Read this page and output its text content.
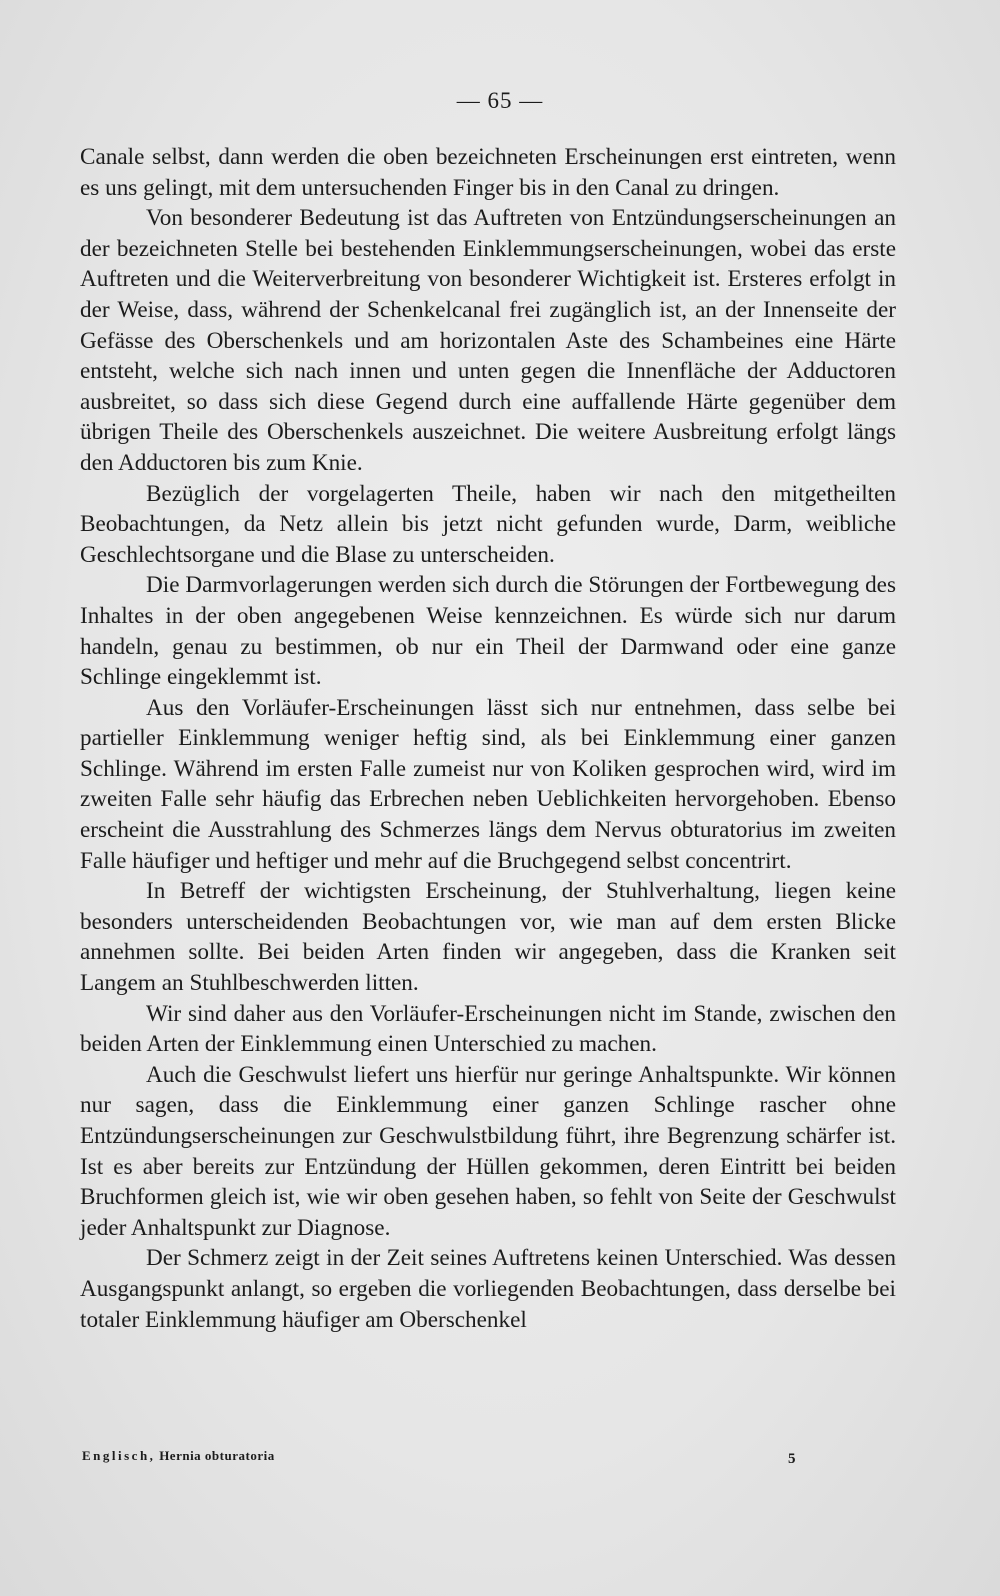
— 65 —

Canale selbst, dann werden die oben bezeichneten Erscheinungen erst eintreten, wenn es uns gelingt, mit dem untersuchenden Finger bis in den Canal zu dringen.

Von besonderer Bedeutung ist das Auftreten von Entzündungserscheinungen an der bezeichneten Stelle bei bestehenden Einklemmungserscheinungen, wobei das erste Auftreten und die Weiterverbreitung von besonderer Wichtigkeit ist. Ersteres erfolgt in der Weise, dass, während der Schenkelcanal frei zugänglich ist, an der Innenseite der Gefässe des Oberschenkels und am horizontalen Aste des Schambeines eine Härte entsteht, welche sich nach innen und unten gegen die Innenfläche der Adductoren ausbreitet, so dass sich diese Gegend durch eine auffallende Härte gegenüber dem übrigen Theile des Oberschenkels auszeichnet. Die weitere Ausbreitung erfolgt längs den Adductoren bis zum Knie.

Bezüglich der vorgelagerten Theile, haben wir nach den mitgetheilten Beobachtungen, da Netz allein bis jetzt nicht gefunden wurde, Darm, weibliche Geschlechtsorgane und die Blase zu unterscheiden.

Die Darmvorlagerungen werden sich durch die Störungen der Fortbewegung des Inhaltes in der oben angegebenen Weise kennzeichnen. Es würde sich nur darum handeln, genau zu bestimmen, ob nur ein Theil der Darmwand oder eine ganze Schlinge eingeklemmt ist.

Aus den Vorläufer-Erscheinungen lässt sich nur entnehmen, dass selbe bei partieller Einklemmung weniger heftig sind, als bei Einklemmung einer ganzen Schlinge. Während im ersten Falle zumeist nur von Koliken gesprochen wird, wird im zweiten Falle sehr häufig das Erbrechen neben Ueblichkeiten hervorgehoben. Ebenso erscheint die Ausstrahlung des Schmerzes längs dem Nervus obturatorius im zweiten Falle häufiger und heftiger und mehr auf die Bruchgegend selbst concentrirt.

In Betreff der wichtigsten Erscheinung, der Stuhlverhaltung, liegen keine besonders unterscheidenden Beobachtungen vor, wie man auf dem ersten Blicke annehmen sollte. Bei beiden Arten finden wir angegeben, dass die Kranken seit Langem an Stuhlbeschwerden litten.

Wir sind daher aus den Vorläufer-Erscheinungen nicht im Stande, zwischen den beiden Arten der Einklemmung einen Unterschied zu machen.

Auch die Geschwulst liefert uns hierfür nur geringe Anhaltspunkte. Wir können nur sagen, dass die Einklemmung einer ganzen Schlinge rascher ohne Entzündungserscheinungen zur Geschwulstbildung führt, ihre Begrenzung schärfer ist. Ist es aber bereits zur Entzündung der Hüllen gekommen, deren Eintritt bei beiden Bruchformen gleich ist, wie wir oben gesehen haben, so fehlt von Seite der Geschwulst jeder Anhaltspunkt zur Diagnose.

Der Schmerz zeigt in der Zeit seines Auftretens keinen Unterschied. Was dessen Ausgangspunkt anlangt, so ergeben die vorliegenden Beobachtungen, dass derselbe bei totaler Einklemmung häufiger am Oberschenkel

Englisch, Hernia obturatoria	5
